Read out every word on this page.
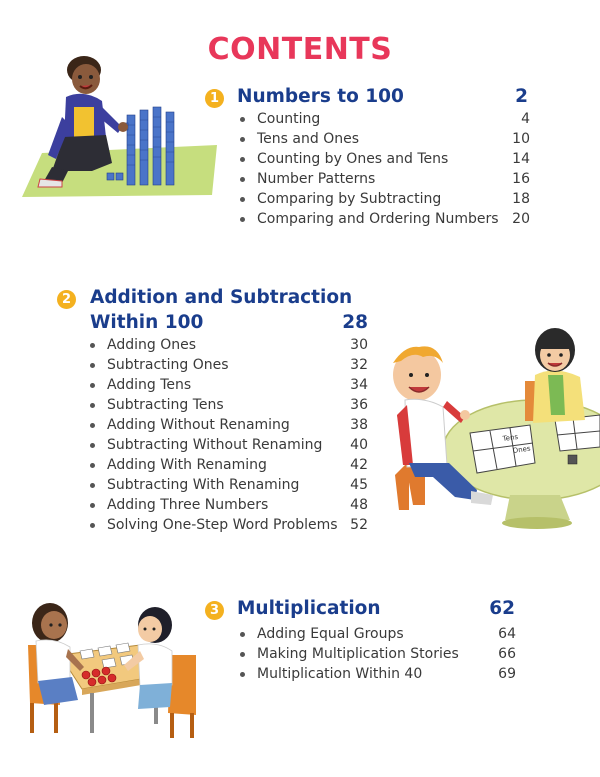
CONTENTS
1 Numbers to 100	2
Counting	4
Tens and Ones	10
Counting by Ones and Tens	14
Number Patterns	16
Comparing by Subtracting	18
Comparing and Ordering Numbers 20
2 Addition and Subtraction
Within 100	28
Adding Ones	30
Subtracting Ones	32
Adding Tens	34
Subtracting Tens	36
Adding Without Renaming	38
Subtracting Without Renaming 40
Adding With Renaming	42
Subtracting With Renaming	45
Adding Three Numbers	48
Solving One-Step Word Problems 52
Tens
Ones
3 Multiplication	62
Adding Equal Groups	64
Making Multiplication Stories	66
Multiplication Within 40	69
